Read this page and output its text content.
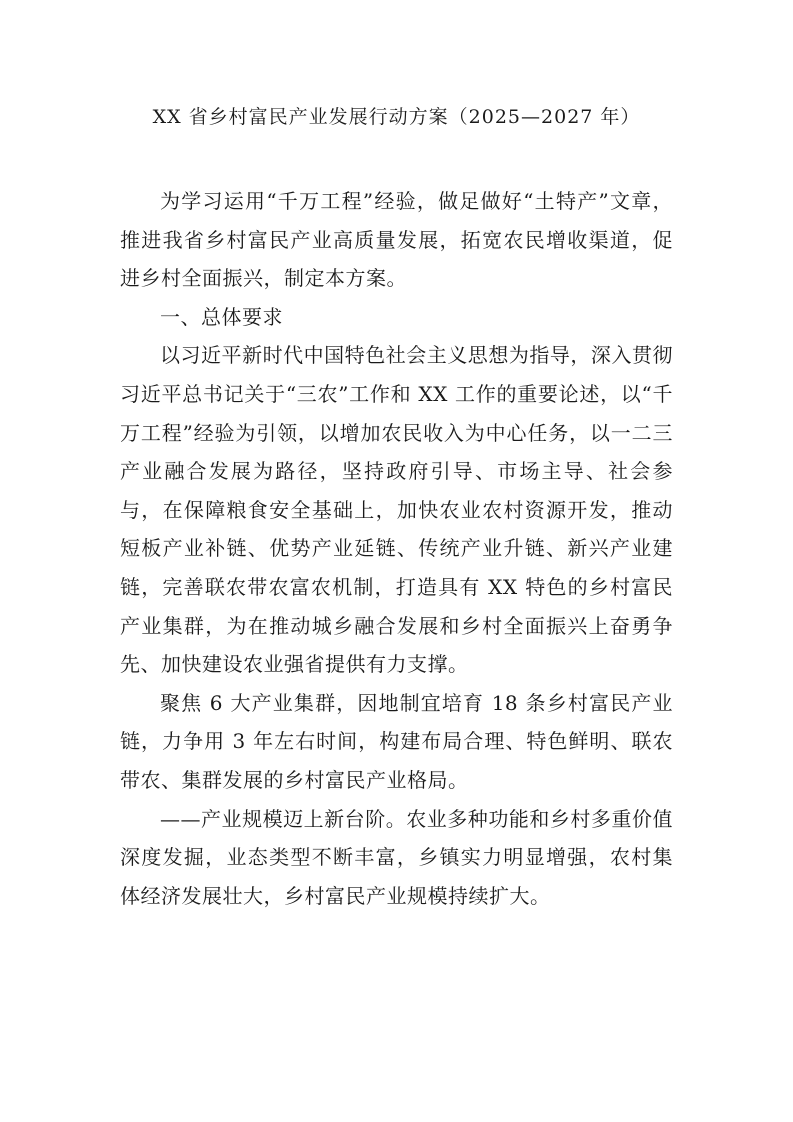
XX 省乡村富民产业发展行动方案（2025—2027 年）

为学习运用“千万工程”经验，做足做好“土特产”文章，推进我省乡村富民产业高质量发展，拓宽农民增收渠道，促进乡村全面振兴，制定本方案。

一、总体要求

以习近平新时代中国特色社会主义思想为指导，深入贯彻习近平总书记关于“三农”工作和 XX 工作的重要论述，以“千万工程”经验为引领，以增加农民收入为中心任务，以一二三产业融合发展为路径，坚持政府引导、市场主导、社会参与，在保障粮食安全基础上，加快农业农村资源开发，推动短板产业补链、优势产业延链、传统产业升链、新兴产业建链，完善联农带农富农机制，打造具有 XX 特色的乡村富民产业集群，为在推动城乡融合发展和乡村全面振兴上奋勇争先、加快建设农业强省提供有力支撑。

聚焦 6 大产业集群，因地制宜培育 18 条乡村富民产业链，力争用 3 年左右时间，构建布局合理、特色鲜明、联农带农、集群发展的乡村富民产业格局。

——产业规模迈上新台阶。农业多种功能和乡村多重价值深度发掘，业态类型不断丰富，乡镇实力明显增强，农村集体经济发展壮大，乡村富民产业规模持续扩大。
